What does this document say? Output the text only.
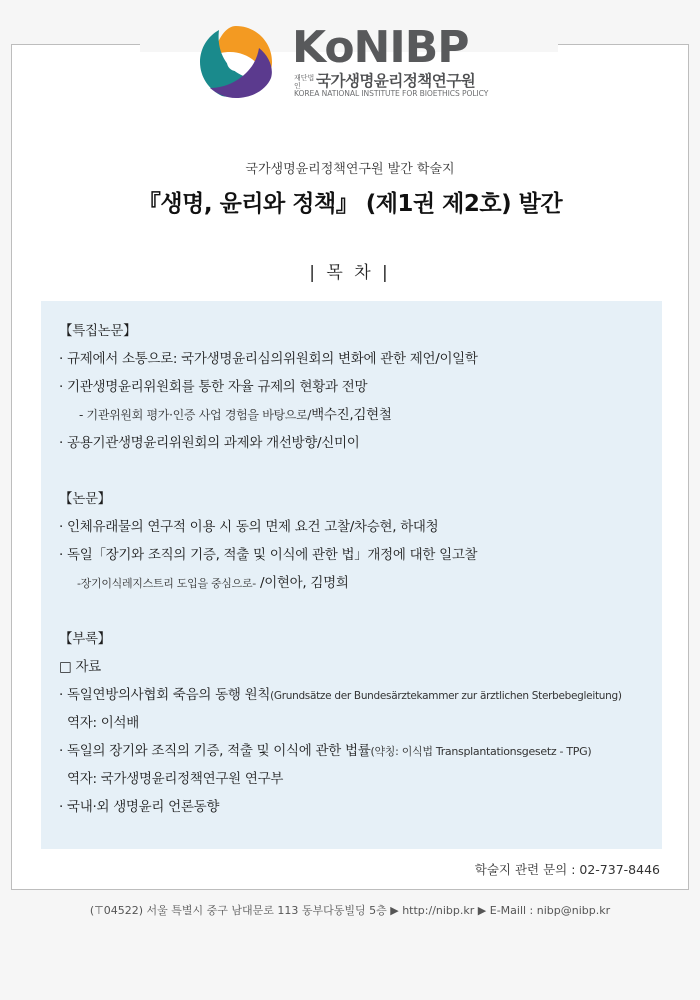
KoNIBP
재단법인 국가생명윤리정책연구원
KOREA NATIONAL INSTITUTE FOR BIOETHICS POLICY
국가생명윤리정책연구원 발간 학술지
『생명, 윤리와 정책』 (제1권 제2호) 발간
| 목 차 |
【특집논문】
· 규제에서 소통으로: 국가생명윤리심의위원회의 변화에 관한 제언/이일학
· 기관생명윤리위원회를 통한 자율 규제의 현황과 전망
- 기관위원회 평가·인증 사업 경험을 바탕으로/백수진,김현철
· 공용기관생명윤리위원회의 과제와 개선방향/신미이
【논문】
· 인체유래물의 연구적 이용 시 동의 면제 요건 고찰/차승현, 하대청
· 독일「장기와 조직의 기증, 적출 및 이식에 관한 법」개정에 대한 일고찰
-장기이식레지스트리 도입을 중심으로- /이현아, 김명희
【부록】
□ 자료
· 독일연방의사협회 죽음의 동행 원칙(Grundsätze der Bundesärztekammer zur ärztlichen Sterbebegleitung)
역자: 이석배
· 독일의 장기와 조직의 기증, 적출 및 이식에 관한 법률(약칭: 이식법 Transplantationsgesetz - TPG)
역자: 국가생명윤리정책연구원 연구부
· 국내·외 생명윤리 언론동향
학술지 관련 문의 : 02-737-8446
(⊤04522) 서울 특별시 중구 남대문로 113 동부다동빌딩 5층 ▶ http://nibp.kr ▶ E-Maill : nibp@nibp.kr
